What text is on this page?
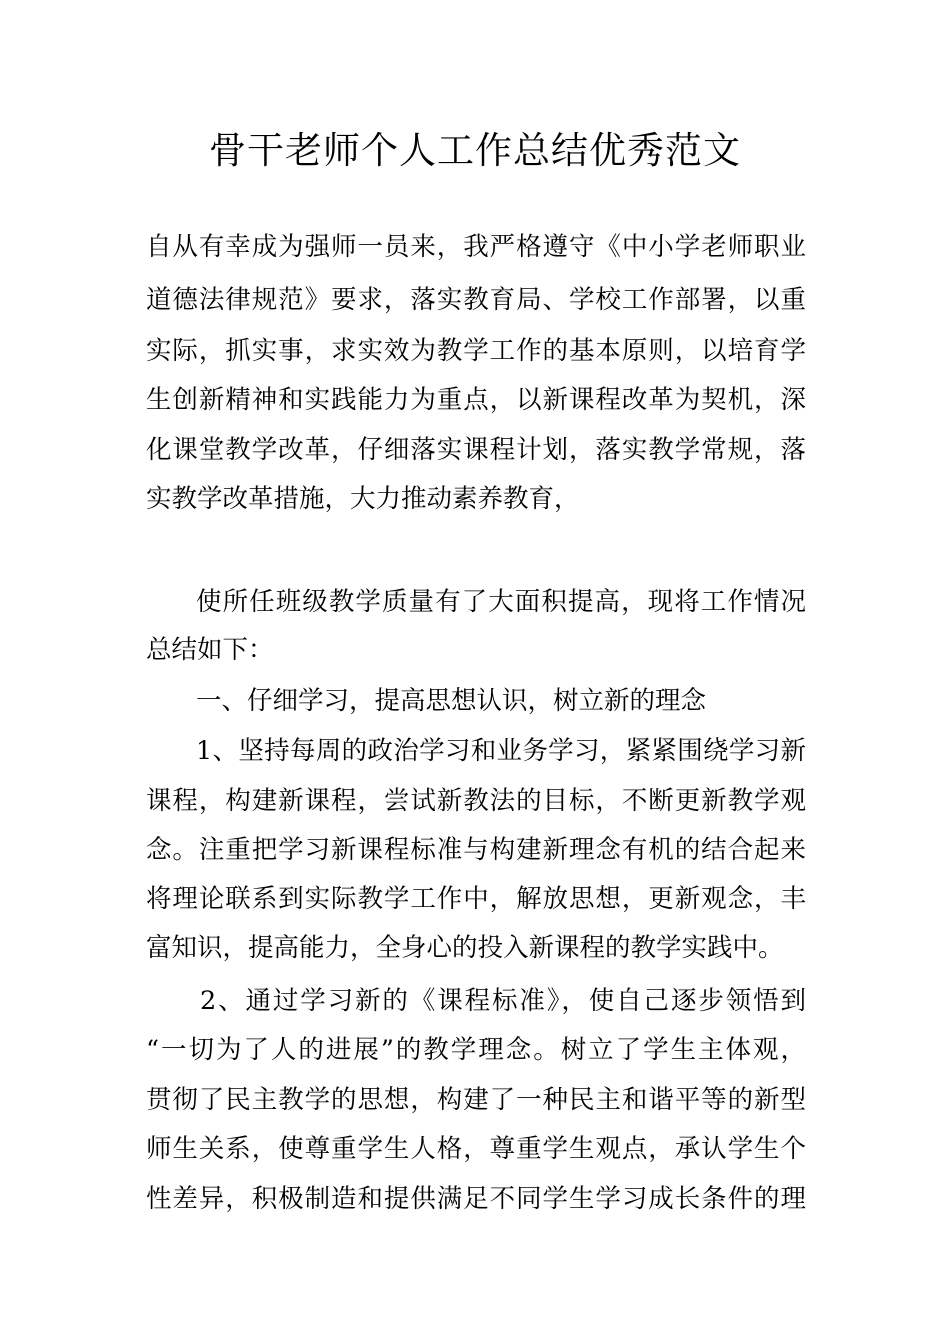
骨干老师个人工作总结优秀范文
自从有幸成为强师一员来，我严格遵守《中小学老师职业
道德法律规范》要求，落实教育局、学校工作部署，以重
实际，抓实事，求实效为教学工作的基本原则，以培育学
生创新精神和实践能力为重点，以新课程改革为契机，深
化课堂教学改革，仔细落实课程计划，落实教学常规，落
实教学改革措施，大力推动素养教育，
使所任班级教学质量有了大面积提高，现将工作情况
总结如下：
一、仔细学习，提高思想认识，树立新的理念
1、坚持每周的政治学习和业务学习，紧紧围绕学习新
课程，构建新课程，尝试新教法的目标，不断更新教学观
念。注重把学习新课程标准与构建新理念有机的结合起来
将理论联系到实际教学工作中，解放思想，更新观念，丰
富知识，提高能力，全身心的投入新课程的教学实践中。
2、通过学习新的《课程标准》，使自己逐步领悟到
“一切为了人的进展”的教学理念。树立了学生主体观，
贯彻了民主教学的思想，构建了一种民主和谐平等的新型
师生关系，使尊重学生人格，尊重学生观点，承认学生个
性差异，积极制造和提供满足不同学生学习成长条件的理
